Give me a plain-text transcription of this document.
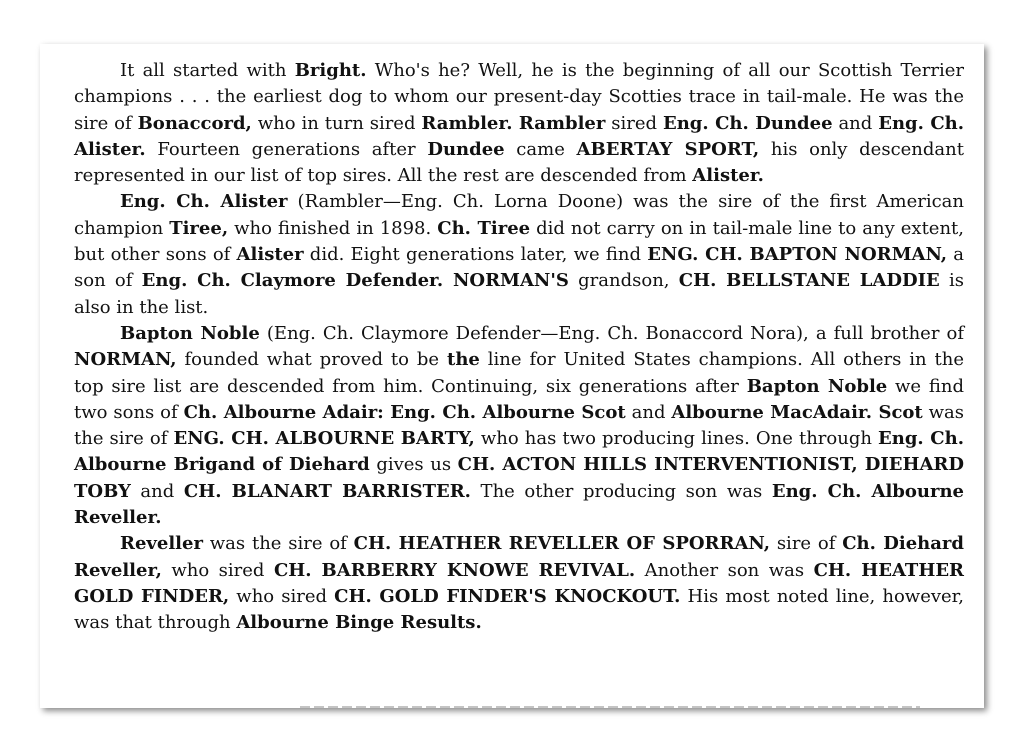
It all started with Bright. Who's he? Well, he is the beginning of all our Scottish Terrier champions . . . the earliest dog to whom our present-day Scotties trace in tail-male. He was the sire of Bonaccord, who in turn sired Rambler. Rambler sired Eng. Ch. Dundee and Eng. Ch. Alister. Fourteen generations after Dundee came ABERTAY SPORT, his only descendant represented in our list of top sires. All the rest are descended from Alister.

Eng. Ch. Alister (Rambler—Eng. Ch. Lorna Doone) was the sire of the first American champion Tiree, who finished in 1898. Ch. Tiree did not carry on in tail-male line to any extent, but other sons of Alister did. Eight generations later, we find ENG. CH. BAPTON NORMAN, a son of Eng. Ch. Claymore Defender. NORMAN'S grandson, CH. BELLSTANE LADDIE is also in the list.

Bapton Noble (Eng. Ch. Claymore Defender—Eng. Ch. Bonaccord Nora), a full brother of NORMAN, founded what proved to be the line for United States champions. All others in the top sire list are descended from him. Continuing, six generations after Bapton Noble we find two sons of Ch. Albourne Adair: Eng. Ch. Albourne Scot and Albourne MacAdair. Scot was the sire of ENG. CH. ALBOURNE BARTY, who has two producing lines. One through Eng. Ch. Albourne Brigand of Diehard gives us CH. ACTON HILLS INTERVENTIONIST, DIEHARD TOBY and CH. BLANART BARRISTER. The other producing son was Eng. Ch. Albourne Reveller.

Reveller was the sire of CH. HEATHER REVELLER OF SPORRAN, sire of Ch. Diehard Reveller, who sired CH. BARBERRY KNOWE REVIVAL. Another son was CH. HEATHER GOLD FINDER, who sired CH. GOLD FINDER'S KNOCKOUT. His most noted line, however, was that through Albourne Binge Results.
